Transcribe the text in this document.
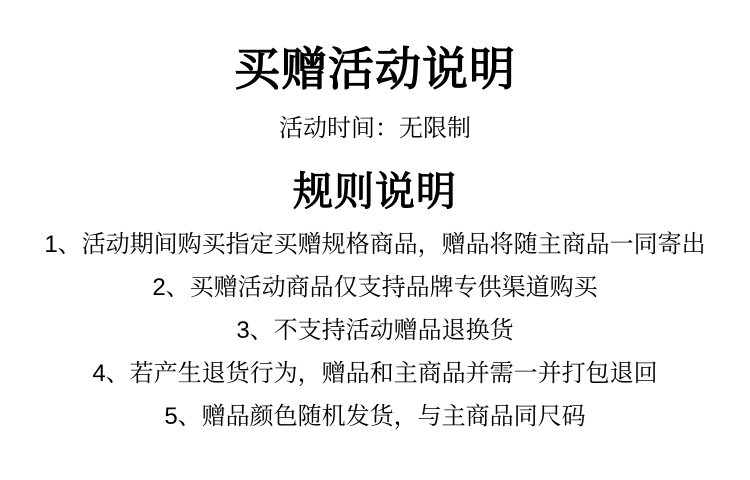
买赠活动说明

活动时间：无限制

规则说明
1、活动期间购买指定买赠规格商品，赠品将随主商品一同寄出
2、买赠活动商品仅支持品牌专供渠道购买
3、不支持活动赠品退换货
4、若产生退货行为，赠品和主商品并需一并打包退回
5、赠品颜色随机发货，与主商品同尺码
